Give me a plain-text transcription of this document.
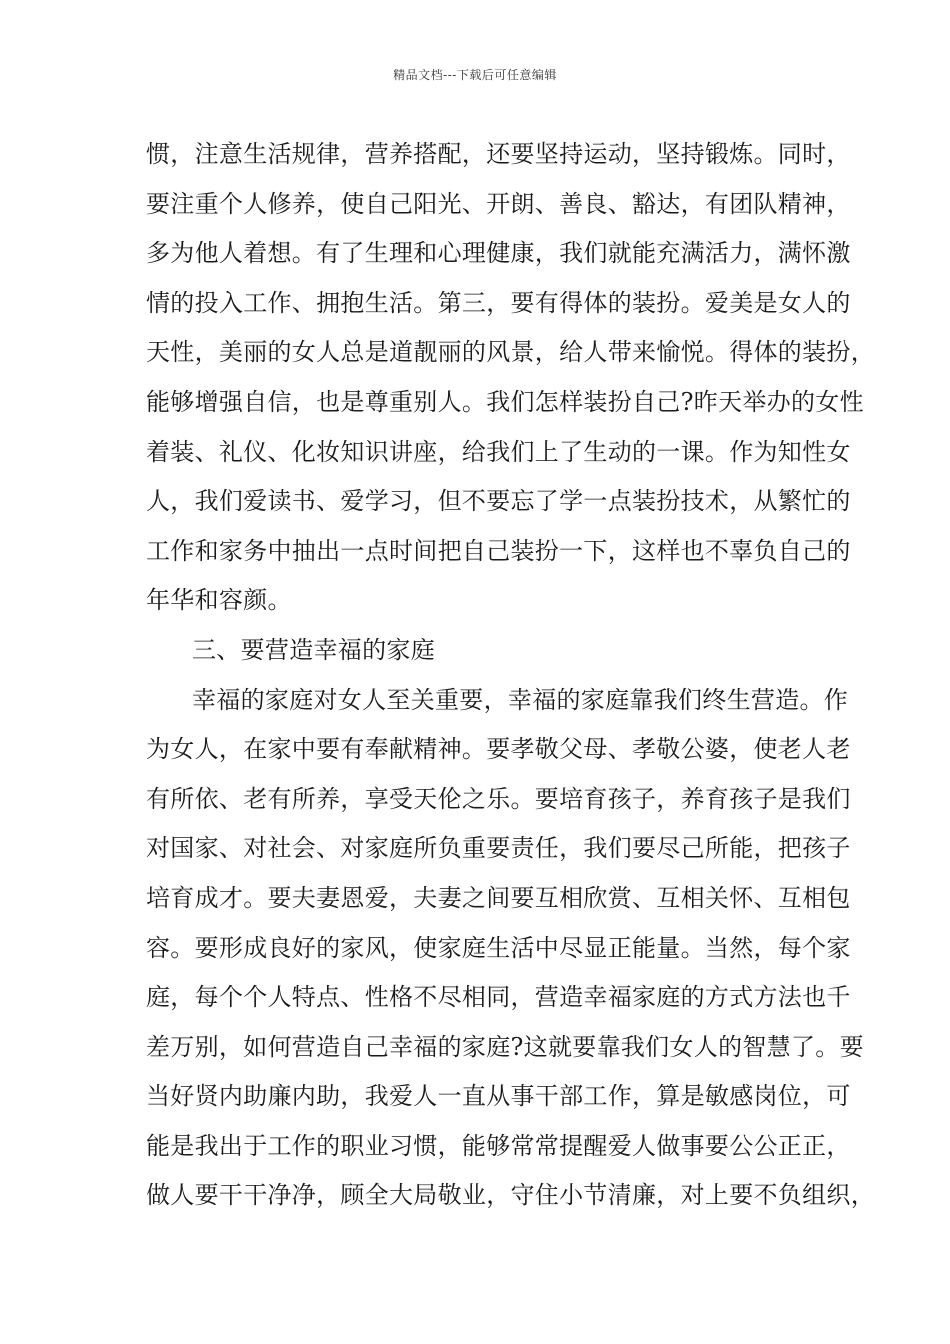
精品文档---下载后可任意编辑
惯，注意生活规律，营养搭配，还要坚持运动，坚持锻炼。同时，
要注重个人修养，使自己阳光、开朗、善良、豁达，有团队精神，
多为他人着想。有了生理和心理健康，我们就能充满活力，满怀激
情的投入工作、拥抱生活。第三，要有得体的装扮。爱美是女人的
天性，美丽的女人总是道靓丽的风景，给人带来愉悦。得体的装扮，
能够增强自信，也是尊重别人。我们怎样装扮自己?昨天举办的女性
着装、礼仪、化妆知识讲座，给我们上了生动的一课。作为知性女
人，我们爱读书、爱学习，但不要忘了学一点装扮技术，从繁忙的
工作和家务中抽出一点时间把自己装扮一下，这样也不辜负自己的
年华和容颜。
三、要营造幸福的家庭
幸福的家庭对女人至关重要，幸福的家庭靠我们终生营造。作
为女人，在家中要有奉献精神。要孝敬父母、孝敬公婆，使老人老
有所依、老有所养，享受天伦之乐。要培育孩子，养育孩子是我们
对国家、对社会、对家庭所负重要责任，我们要尽己所能，把孩子
培育成才。要夫妻恩爱，夫妻之间要互相欣赏、互相关怀、互相包
容。要形成良好的家风，使家庭生活中尽显正能量。当然，每个家
庭，每个个人特点、性格不尽相同，营造幸福家庭的方式方法也千
差万别，如何营造自己幸福的家庭?这就要靠我们女人的智慧了。要
当好贤内助廉内助，我爱人一直从事干部工作，算是敏感岗位，可
能是我出于工作的职业习惯，能够常常提醒爱人做事要公公正正，
做人要干干净净，顾全大局敬业，守住小节清廉，对上要不负组织，
